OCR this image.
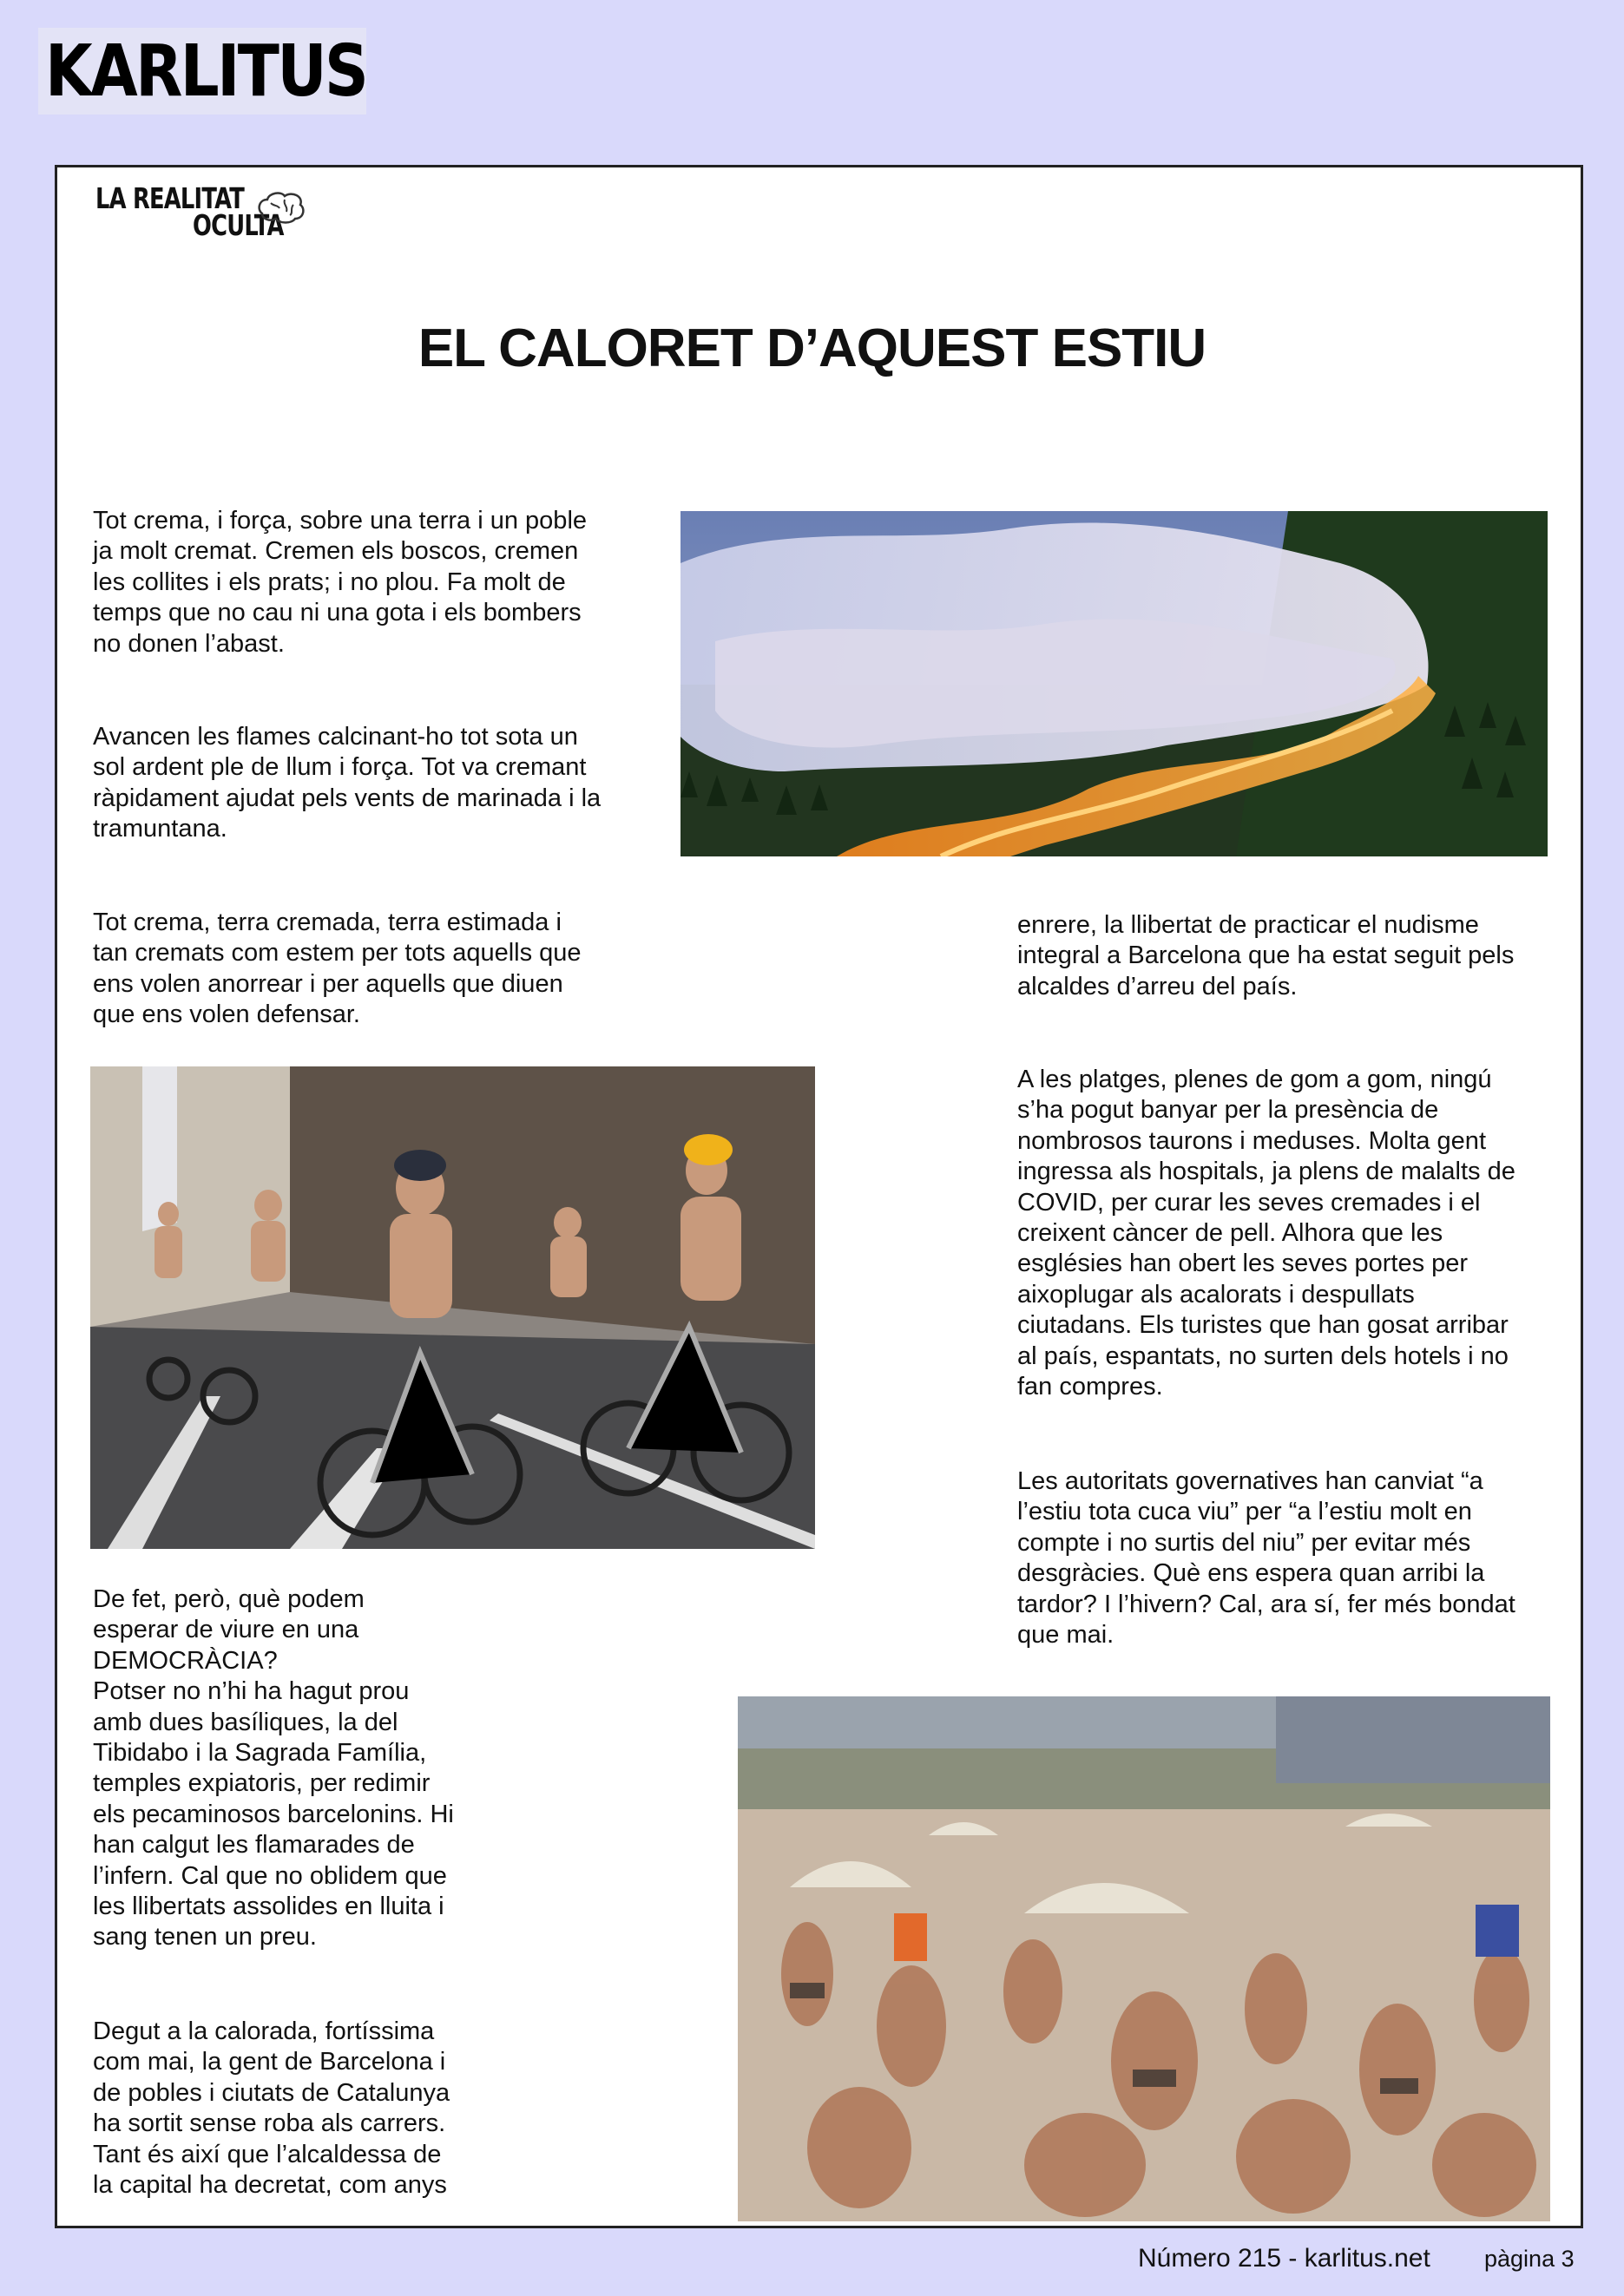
KARLITUS
LA REALITAT
OCULTA
EL CALORET D’AQUEST ESTIU

Tot crema, i força, sobre una terra i un poble
ja molt cremat. Cremen els boscos, cremen
les collites i els prats; i no plou. Fa molt de
temps que no cau ni una gota i els bombers
no donen l’abast.

Avancen les flames calcinant-ho tot sota un
sol ardent ple de llum i força. Tot va cremant
ràpidament ajudat pels vents de marinada i la
tramuntana.

Tot crema, terra cremada, terra estimada i
tan cremats com estem per tots aquells que
ens volen anorrear i per aquells que diuen
que ens volen defensar.

De fet, però, què podem
esperar de viure en una
DEMOCRÀCIA?
Potser no n’hi ha hagut prou
amb dues basíliques, la del
Tibidabo i la Sagrada Família,
temples expiatoris, per redimir
els pecaminosos barcelonins. Hi
han calgut les flamarades de
l’infern. Cal que no oblidem que
les llibertats assolides en lluita i
sang tenen un preu.

Degut a la calorada, fortíssima
com mai, la gent de Barcelona i
de pobles i ciutats de Catalunya
ha sortit sense roba als carrers.
Tant és així que l’alcaldessa de
la capital ha decretat, com anys

enrere, la llibertat de practicar el nudisme
integral a Barcelona que ha estat seguit pels
alcaldes d’arreu del país.

A les platges, plenes de gom a gom, ningú
s’ha pogut banyar per la presència de
nombrosos taurons i meduses. Molta gent
ingressa als hospitals, ja plens de malalts de
COVID, per curar les seves cremades i el
creixent càncer de pell. Alhora que les
esglésies han obert les seves portes per
aixoplugar als acalorats i despullats
ciutadans. Els turistes que han gosat arribar
al país, espantats, no surten dels hotels i no
fan compres.

Les autoritats governatives han canviat “a
l’estiu tota cuca viu” per “a l’estiu molt en
compte i no surtis del niu” per evitar més
desgràcies. Què ens espera quan arribi la
tardor? I l’hivern? Cal, ara sí, fer més bondat
que mai.

Número 215 - karlitus.net pàgina 3
